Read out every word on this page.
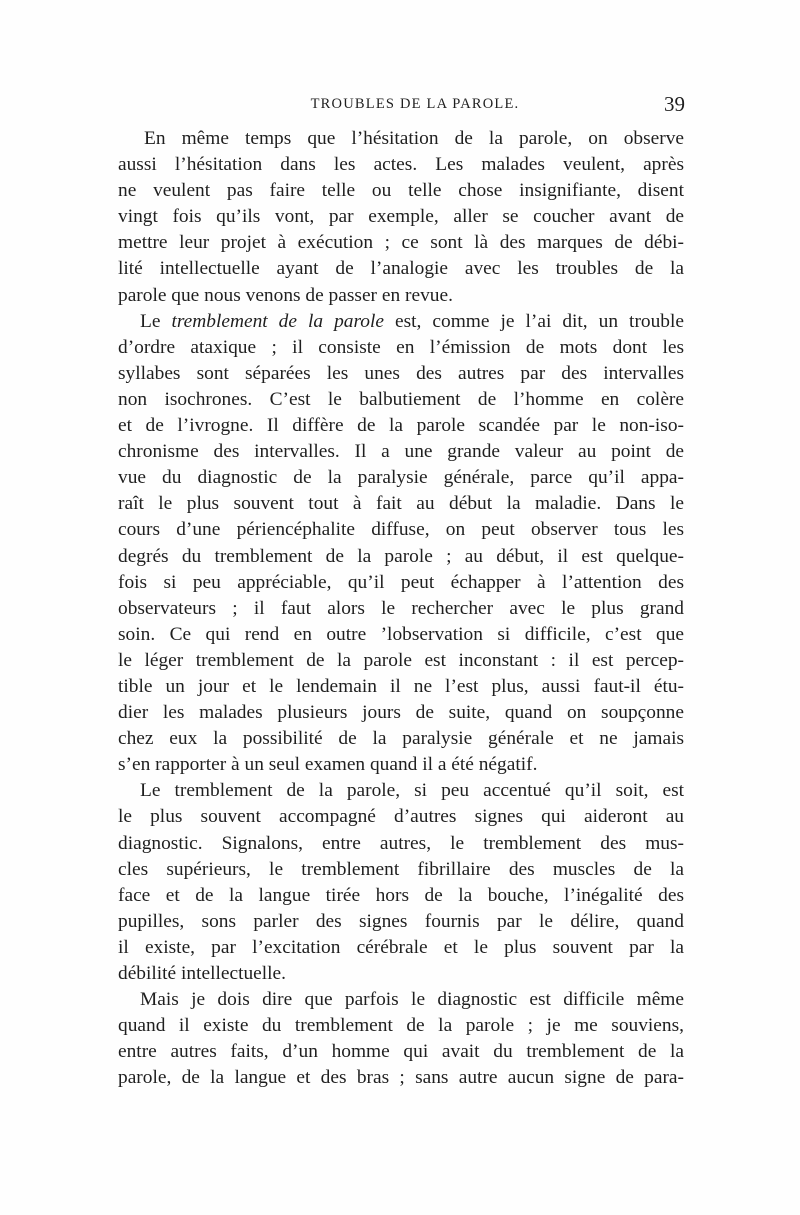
TROUBLES DE LA PAROLE.	39
En même temps que l’hésitation de la parole, on observe
aussi l’hésitation dans les actes. Les malades veulent, après
ne veulent pas faire telle ou telle chose insignifiante, disent
vingt fois qu’ils vont, par exemple, aller se coucher avant de
mettre leur projet à exécution ; ce sont là des marques de débi-
lité intellectuelle ayant de l’analogie avec les troubles de la
parole que nous venons de passer en revue.
Le tremblement de la parole est, comme je l’ai dit, un trouble
d’ordre ataxique ; il consiste en l’émission de mots dont les
syllabes sont séparées les unes des autres par des intervalles
non isochrones. C’est le balbutiement de l’homme en colère
et de l’ivrogne. Il diffère de la parole scandée par le non-iso-
chronisme des intervalles. Il a une grande valeur au point de
vue du diagnostic de la paralysie générale, parce qu’il appa-
raît le plus souvent tout à fait au début la maladie. Dans le
cours d’une périencéphalite diffuse, on peut observer tous les
degrés du tremblement de la parole ; au début, il est quelque-
fois si peu appréciable, qu’il peut échapper à l’attention des
observateurs ; il faut alors le rechercher avec le plus grand
soin. Ce qui rend en outre ’lobservation si difficile, c’est que
le léger tremblement de la parole est inconstant : il est percep-
tible un jour et le lendemain il ne l’est plus, aussi faut-il étu-
dier les malades plusieurs jours de suite, quand on soupçonne
chez eux la possibilité de la paralysie générale et ne jamais
s’en rapporter à un seul examen quand il a été négatif.
Le tremblement de la parole, si peu accentué qu’il soit, est
le plus souvent accompagné d’autres signes qui aideront au
diagnostic. Signalons, entre autres, le tremblement des mus-
cles supérieurs, le tremblement fibrillaire des muscles de la
face et de la langue tirée hors de la bouche, l’inégalité des
pupilles, sons parler des signes fournis par le délire, quand
il existe, par l’excitation cérébrale et le plus souvent par la
débilité intellectuelle.
Mais je dois dire que parfois le diagnostic est difficile même
quand il existe du tremblement de la parole ; je me souviens,
entre autres faits, d’un homme qui avait du tremblement de la
parole, de la langue et des bras ; sans autre aucun signe de para-
